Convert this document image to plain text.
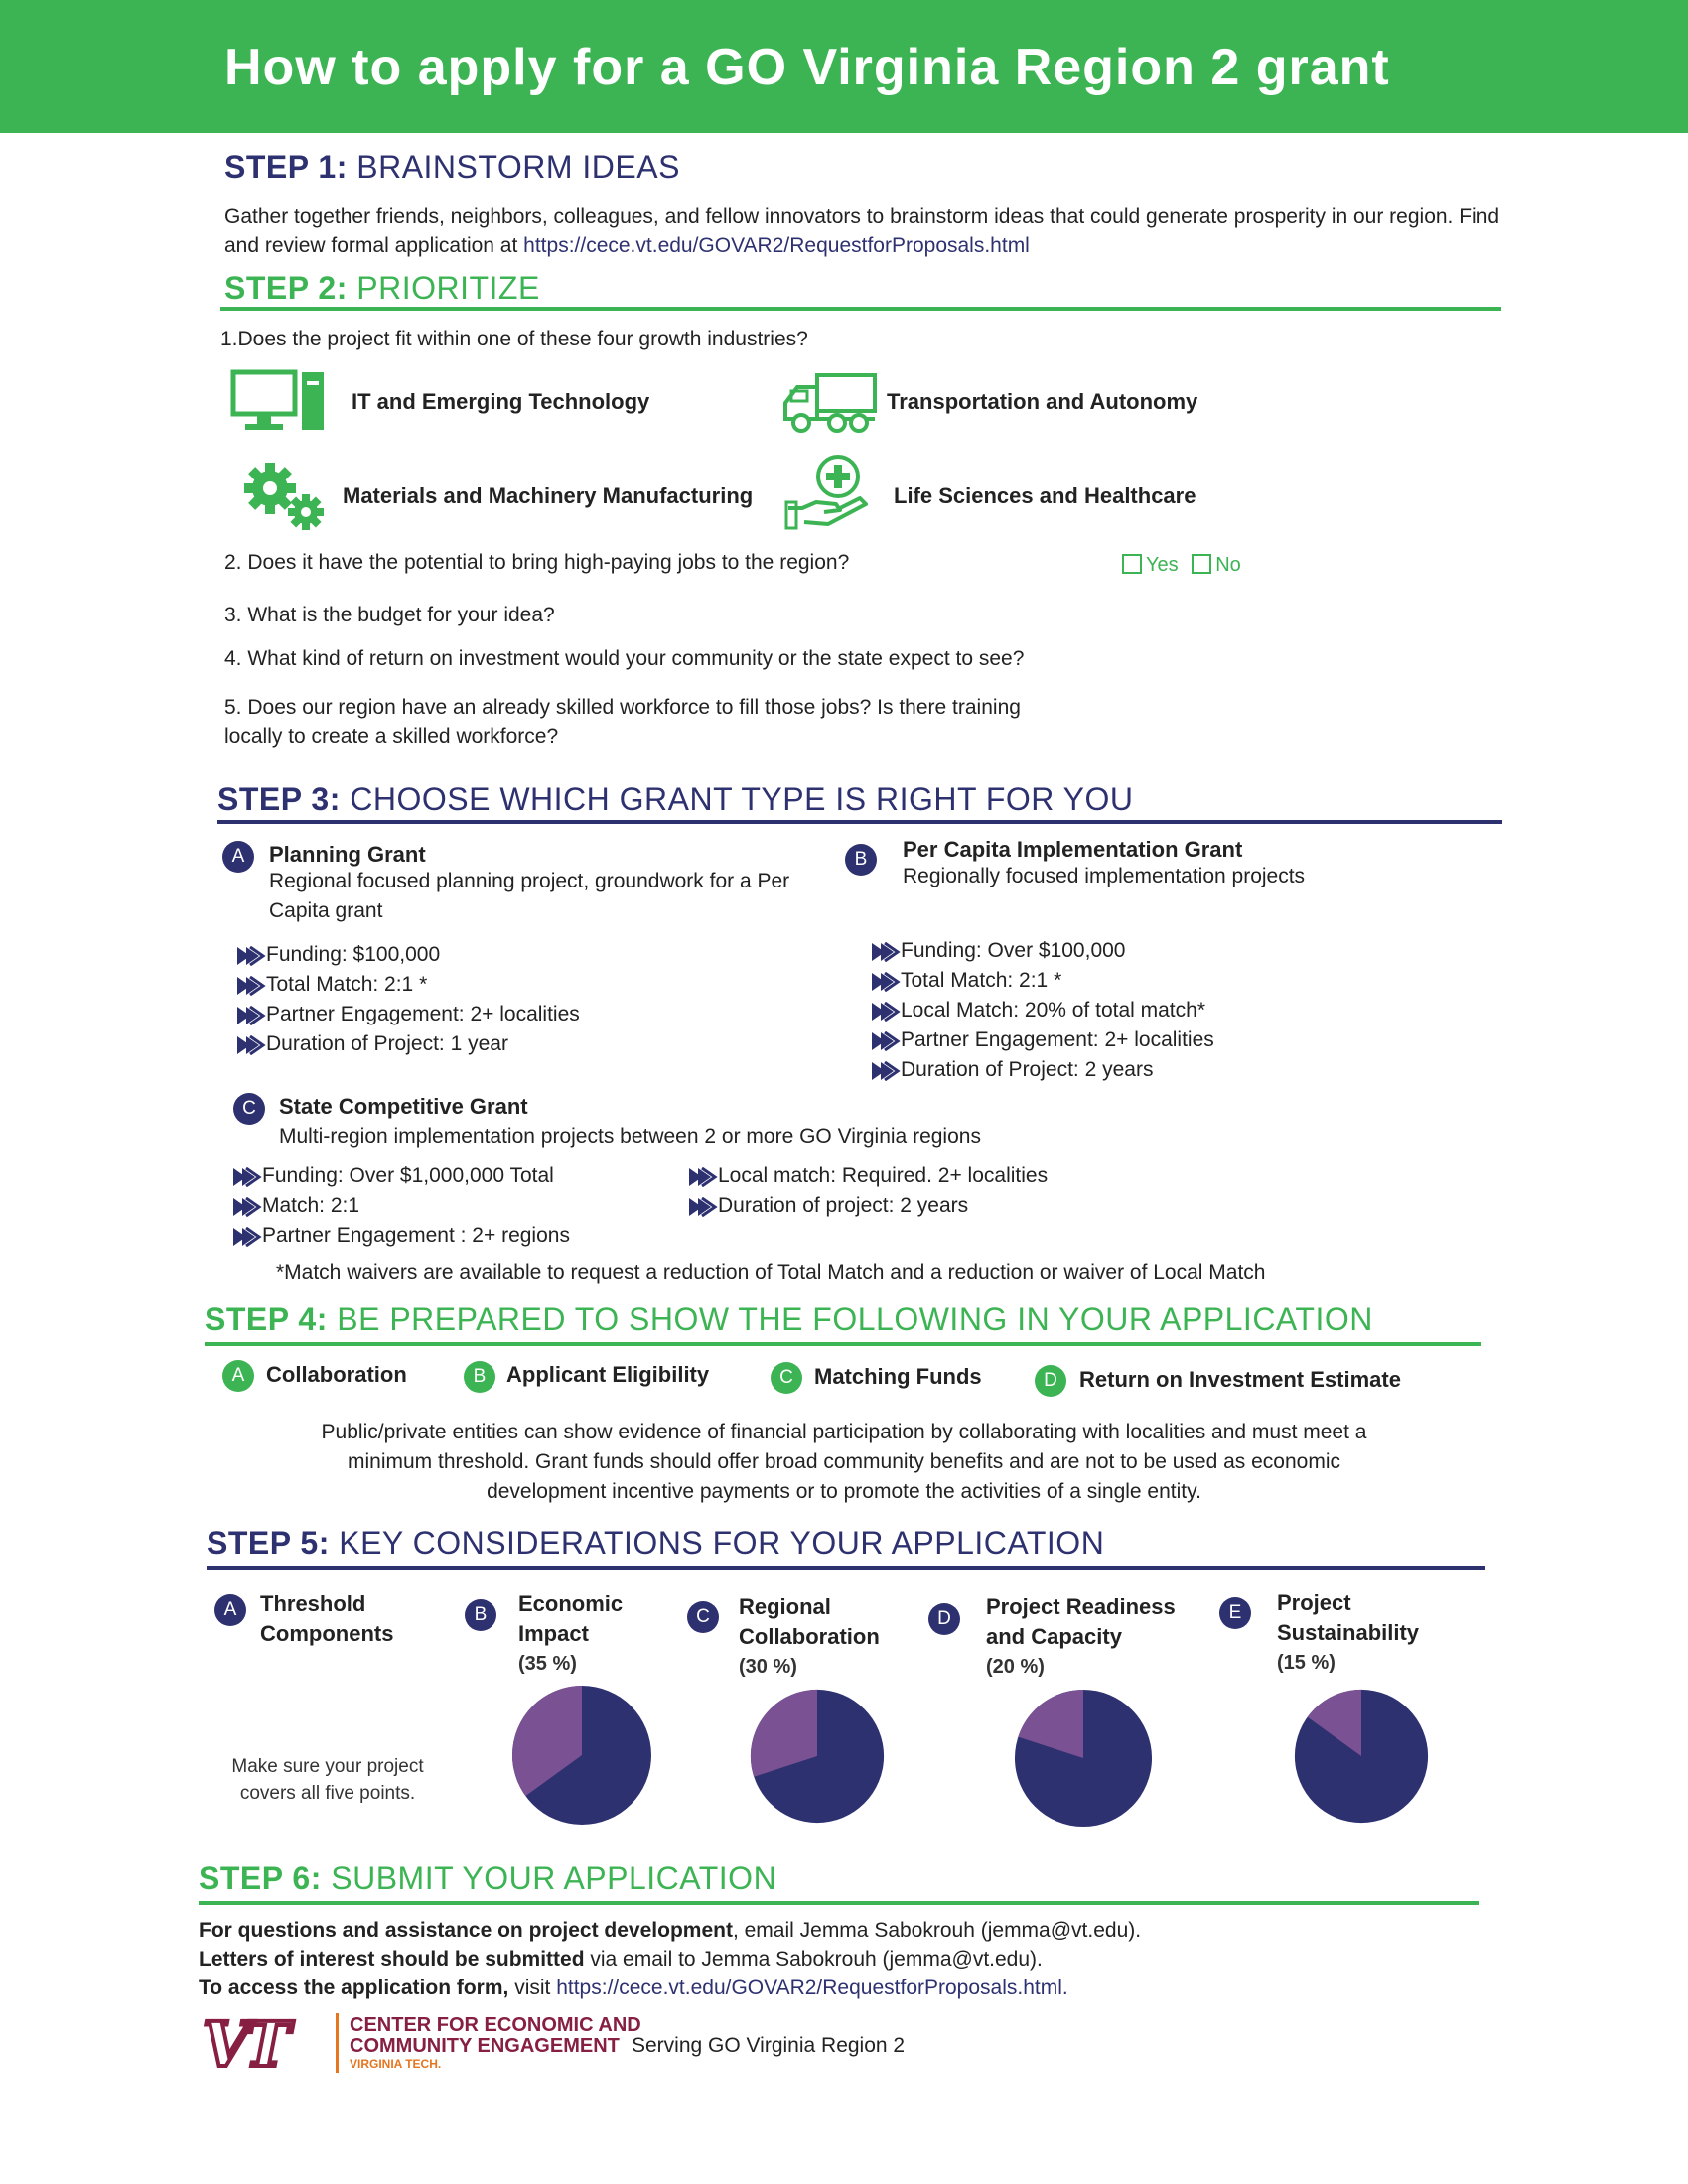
How to apply for a GO Virginia Region 2 grant
STEP 1: BRAINSTORM IDEAS
Gather together friends, neighbors, colleagues, and fellow innovators to brainstorm ideas that could generate prosperity in our region. Find and review formal application at https://cece.vt.edu/GOVAR2/RequestforProposals.html
STEP 2: PRIORITIZE
1.Does the project fit within one of these four growth industries?
IT and Emerging Technology	Transportation and Autonomy
Materials and Machinery Manufacturing	Life Sciences and Healthcare
2. Does it have the potential to bring high-paying jobs to the region?	Yes No
3. What is the budget for your idea?
4. What kind of return on investment would your community or the state expect to see?
5. Does our region have an already skilled workforce to fill those jobs? Is there training
locally to create a skilled workforce?
STEP 3: CHOOSE WHICH GRANT TYPE IS RIGHT FOR YOU
A	Planning Grant
Regional focused planning project, groundwork for a Per Capita grant
Funding: $100,000
Total Match: 2:1 *
Partner Engagement: 2+ localities
Duration of Project: 1 year
B	Per Capita Implementation Grant
Regionally focused implementation projects
Funding: Over $100,000
Total Match: 2:1 *
Local Match: 20% of total match*
Partner Engagement: 2+ localities
Duration of Project: 2 years
C	State Competitive Grant
Multi-region implementation projects between 2 or more GO Virginia regions
Funding: Over $1,000,000 Total
Match: 2:1
Partner Engagement : 2+ regions
Local match: Required. 2+ localities
Duration of project: 2 years
*Match waivers are available to request a reduction of Total Match and a reduction or waiver of Local Match
STEP 4: BE PREPARED TO SHOW THE FOLLOWING IN YOUR APPLICATION
A Collaboration	B Applicant Eligibility	C Matching Funds	D	Return on Investment Estimate
Public/private entities can show evidence of financial participation by collaborating with localities and must meet a
minimum threshold. Grant funds should offer broad community benefits and are not to be used as economic
development incentive payments or to promote the activities of a single entity.
STEP 5: KEY CONSIDERATIONS FOR YOUR APPLICATION
A	Threshold
Components
Make sure your project
covers all five points.
B	Economic
Impact
(35 %)
C	Regional
Collaboration
(30 %)
D	Project Readiness
and Capacity
(20 %)
E	Project
Sustainability
(15 %)
STEP 6: SUBMIT YOUR APPLICATION
For questions and assistance on project development, email Jemma Sabokrouh (jemma@vt.edu).
Letters of interest should be submitted via email to Jemma Sabokrouh (jemma@vt.edu).
To access the application form, visit https://cece.vt.edu/GOVAR2/RequestforProposals.html.
VT	CENTER FOR ECONOMIC AND
COMMUNITY ENGAGEMENT
VIRGINIA TECH.
Serving GO Virginia Region 2
